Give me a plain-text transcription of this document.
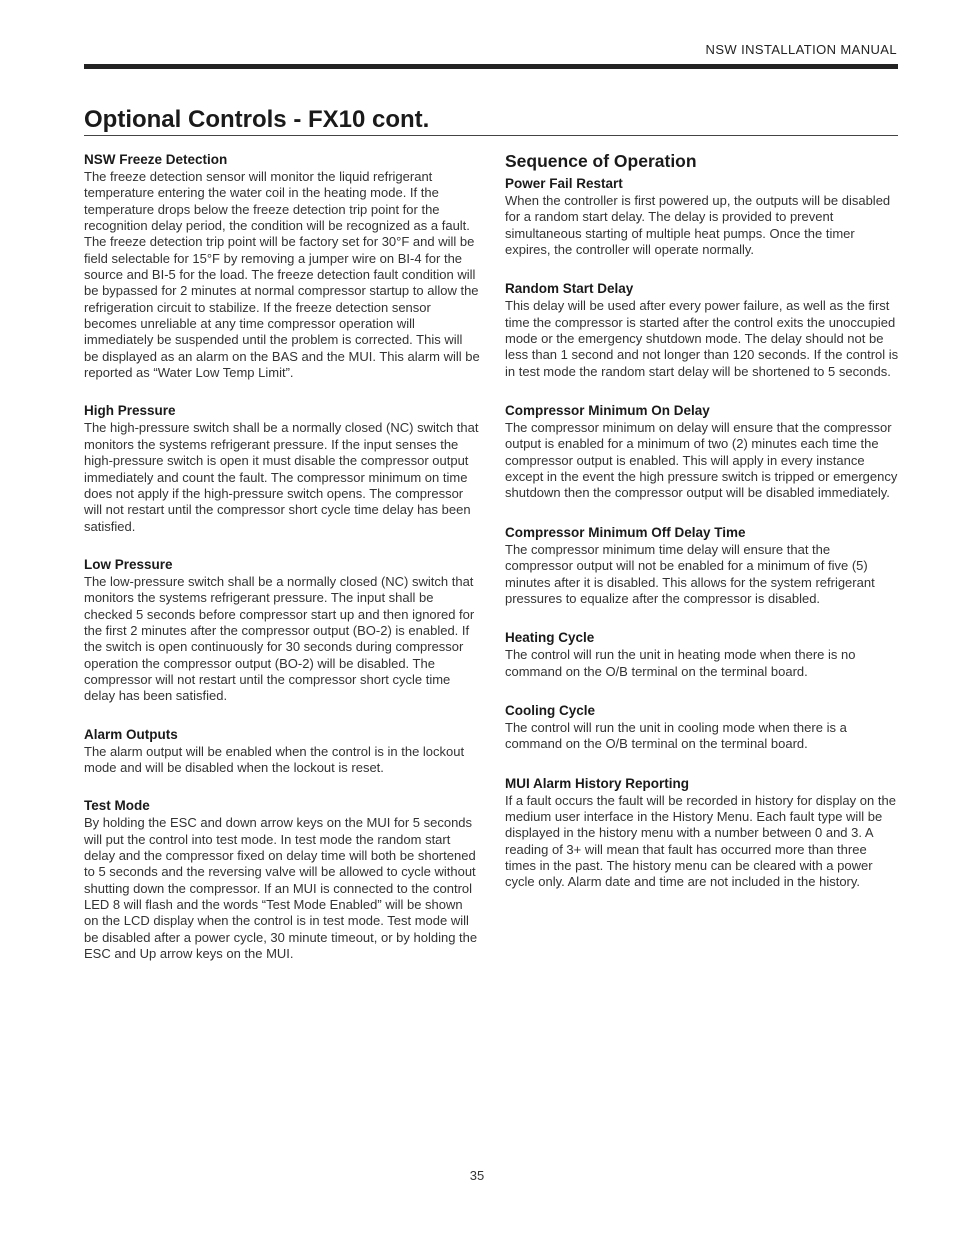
NSW INSTALLATION MANUAL
Optional Controls - FX10 cont.
NSW Freeze Detection

The freeze detection sensor will monitor the liquid refrigerant temperature entering the water coil in the heating mode. If the temperature drops below the freeze detection trip point for the recognition delay period, the condition will be recognized as a fault. The freeze detection trip point will be factory set for 30°F and will be field selectable for 15°F by removing a jumper wire on BI-4 for the source and BI-5 for the load. The freeze detection fault condition will be bypassed for 2 minutes at normal compressor startup to allow the refrigeration circuit to stabilize. If the freeze detection sensor becomes unreliable at any time compressor operation will immediately be suspended until the problem is corrected. This will be displayed as an alarm on the BAS and the MUI. This alarm will be reported as “Water Low Temp Limit”.

High Pressure

The high-pressure switch shall be a normally closed (NC) switch that monitors the systems refrigerant pressure. If the input senses the high-pressure switch is open it must disable the compressor output immediately and count the fault. The compressor minimum on time does not apply if the high-pressure switch opens. The compressor will not restart until the compressor short cycle time delay has been satisfied.

Low Pressure

The low-pressure switch shall be a normally closed (NC) switch that monitors the systems refrigerant pressure. The input shall be checked 5 seconds before compressor start up and then ignored for the first 2 minutes after the compressor output (BO-2) is enabled. If the switch is open continuously for 30 seconds during compressor operation the compressor output (BO-2) will be disabled. The compressor will not restart until the compressor short cycle time delay has been satisfied.

Alarm Outputs

The alarm output will be enabled when the control is in the lockout mode and will be disabled when the lockout is reset.

Test Mode

By holding the ESC and down arrow keys on the MUI for 5 seconds will put the control into test mode. In test mode the random start delay and the compressor fixed on delay time will both be shortened to 5 seconds and the reversing valve will be allowed to cycle without shutting down the compressor. If an MUI is connected to the control LED 8 will flash and the words “Test Mode Enabled” will be shown on the LCD display when the control is in test mode. Test mode will be disabled after a power cycle, 30 minute timeout, or by holding the ESC and Up arrow keys on the MUI.

Sequence of Operation
Power Fail Restart

When the controller is first powered up, the outputs will be disabled for a random start delay. The delay is provided to prevent simultaneous starting of multiple heat pumps. Once the timer expires, the controller will operate normally.

Random Start Delay

This delay will be used after every power failure, as well as the first time the compressor is started after the control exits the unoccupied mode or the emergency shutdown mode. The delay should not be less than 1 second and not longer than 120 seconds. If the control is in test mode the random start delay will be shortened to 5 seconds.

Compressor Minimum On Delay

The compressor minimum on delay will ensure that the compressor output is enabled for a minimum of two (2) minutes each time the compressor output is enabled. This will apply in every instance except in the event the high pressure switch is tripped or emergency shutdown then the compressor output will be disabled immediately.

Compressor Minimum Off Delay Time

The compressor minimum time delay will ensure that the compressor output will not be enabled for a minimum of five (5) minutes after it is disabled. This allows for the system refrigerant pressures to equalize after the compressor is disabled.

Heating Cycle

The control will run the unit in heating mode when there is no command on the O/B terminal on the terminal board.

Cooling Cycle

The control will run the unit in cooling mode when there is a command on the O/B terminal on the terminal board.

MUI Alarm History Reporting

If a fault occurs the fault will be recorded in history for display on the medium user interface in the History Menu. Each fault type will be displayed in the history menu with a number between 0 and 3. A reading of 3+ will mean that fault has occurred more than three times in the past. The history menu can be cleared with a power cycle only. Alarm date and time are not included in the history.

35
